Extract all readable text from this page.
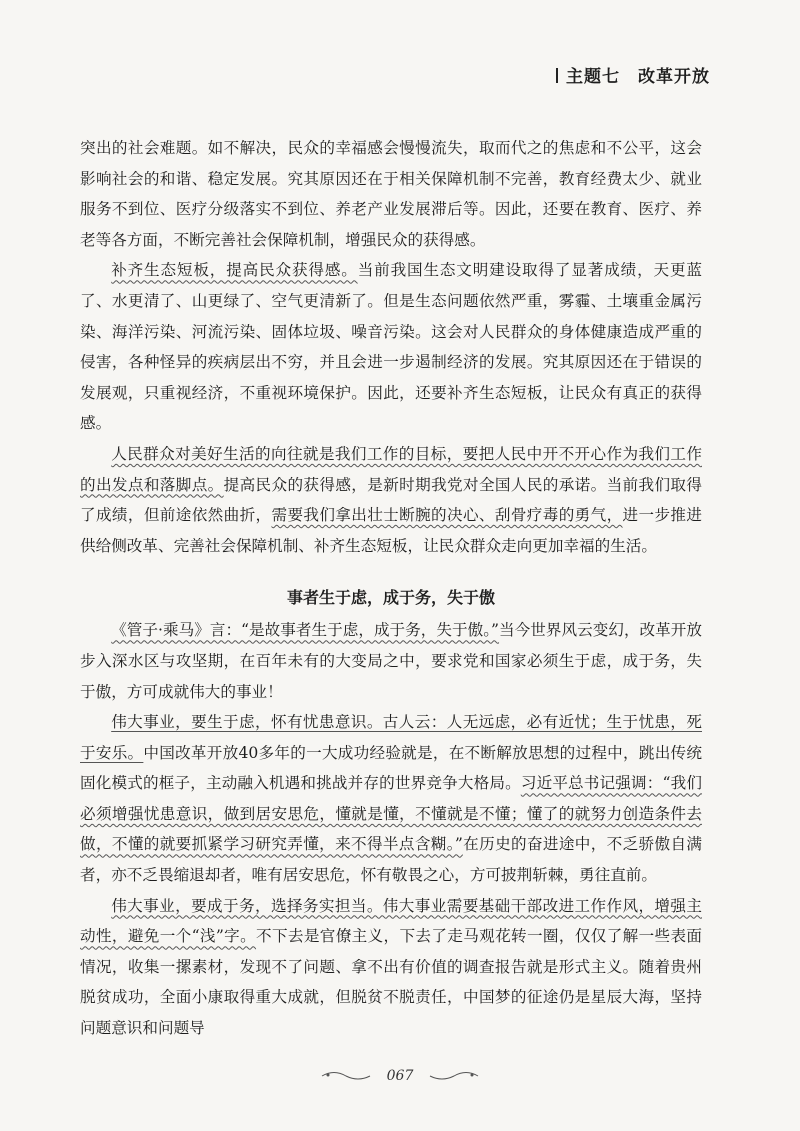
主题七　改革开放

突出的社会难题。如不解决，民众的幸福感会慢慢流失，取而代之的焦虑和不公平，这会影响社会的和谐、稳定发展。究其原因还在于相关保障机制不完善，教育经费太少、就业服务不到位、医疗分级落实不到位、养老产业发展滞后等。因此，还要在教育、医疗、养老等各方面，不断完善社会保障机制，增强民众的获得感。

补齐生态短板，提高民众获得感。当前我国生态文明建设取得了显著成绩，天更蓝了、水更清了、山更绿了、空气更清新了。但是生态问题依然严重，雾霾、土壤重金属污染、海洋污染、河流污染、固体垃圾、噪音污染。这会对人民群众的身体健康造成严重的侵害，各种怪异的疾病层出不穷，并且会进一步遏制经济的发展。究其原因还在于错误的发展观，只重视经济，不重视环境保护。因此，还要补齐生态短板，让民众有真正的获得感。

人民群众对美好生活的向往就是我们工作的目标，要把人民中开不开心作为我们工作的出发点和落脚点。提高民众的获得感，是新时期我党对全国人民的承诺。当前我们取得了成绩，但前途依然曲折，需要我们拿出壮士断腕的决心、刮骨疗毒的勇气，进一步推进供给侧改革、完善社会保障机制、补齐生态短板，让民众群众走向更加幸福的生活。

事者生于虑，成于务，失于傲

《管子·乘马》言：“是故事者生于虑，成于务，失于傲。”当今世界风云变幻，改革开放步入深水区与攻坚期，在百年未有的大变局之中，要求党和国家必须生于虑，成于务，失于傲，方可成就伟大的事业！

伟大事业，要生于虑，怀有忧患意识。古人云：人无远虑，必有近忧；生于忧患，死于安乐。中国改革开放40多年的一大成功经验就是，在不断解放思想的过程中，跳出传统固化模式的框子，主动融入机遇和挑战并存的世界竞争大格局。习近平总书记强调：“我们必须增强忧患意识，做到居安思危，懂就是懂，不懂就是不懂；懂了的就努力创造条件去做，不懂的就要抓紧学习研究弄懂，来不得半点含糊。”在历史的奋进途中，不乏骄傲自满者，亦不乏畏缩退却者，唯有居安思危，怀有敬畏之心，方可披荆斩棘，勇往直前。

伟大事业，要成于务，选择务实担当。伟大事业需要基础干部改进工作作风，增强主动性，避免一个“浅”字。不下去是官僚主义，下去了走马观花转一圈，仅仅了解一些表面情况，收集一摞素材，发现不了问题、拿不出有价值的调查报告就是形式主义。随着贵州脱贫成功，全面小康取得重大成就，但脱贫不脱责任，中国梦的征途仍是星辰大海，坚持问题意识和问题导

067
